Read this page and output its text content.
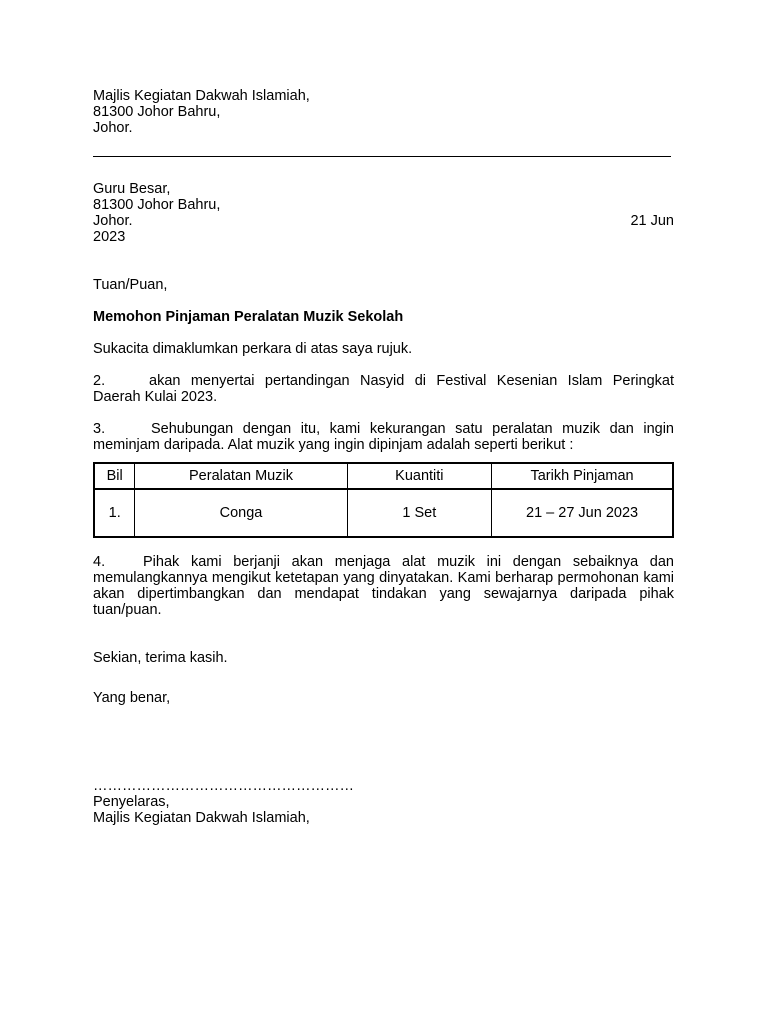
Majlis Kegiatan Dakwah Islamiah,
81300 Johor Bahru,
Johor.
Guru Besar,
81300 Johor Bahru,
Johor.	21 Jun
2023
Tuan/Puan,
Memohon Pinjaman Peralatan Muzik Sekolah
Sukacita dimaklumkan perkara di atas saya rujuk.
2.	akan menyertai pertandingan Nasyid di Festival Kesenian Islam Peringkat Daerah Kulai 2023.
3.	Sehubungan dengan itu, kami kekurangan satu peralatan muzik dan ingin meminjam daripada. Alat muzik yang ingin dipinjam adalah seperti berikut :
Bil	Peralatan Muzik	Kuantiti	Tarikh Pinjaman
1.	Conga	1 Set	21 – 27 Jun 2023
4.	Pihak kami berjanji akan menjaga alat muzik ini dengan sebaiknya dan memulangkannya mengikut ketetapan yang dinyatakan. Kami berharap permohonan kami akan dipertimbangkan dan mendapat tindakan yang sewajarnya daripada pihak tuan/puan.
Sekian, terima kasih.
Yang benar,
………………………………………………
Penyelaras,
Majlis Kegiatan Dakwah Islamiah,
